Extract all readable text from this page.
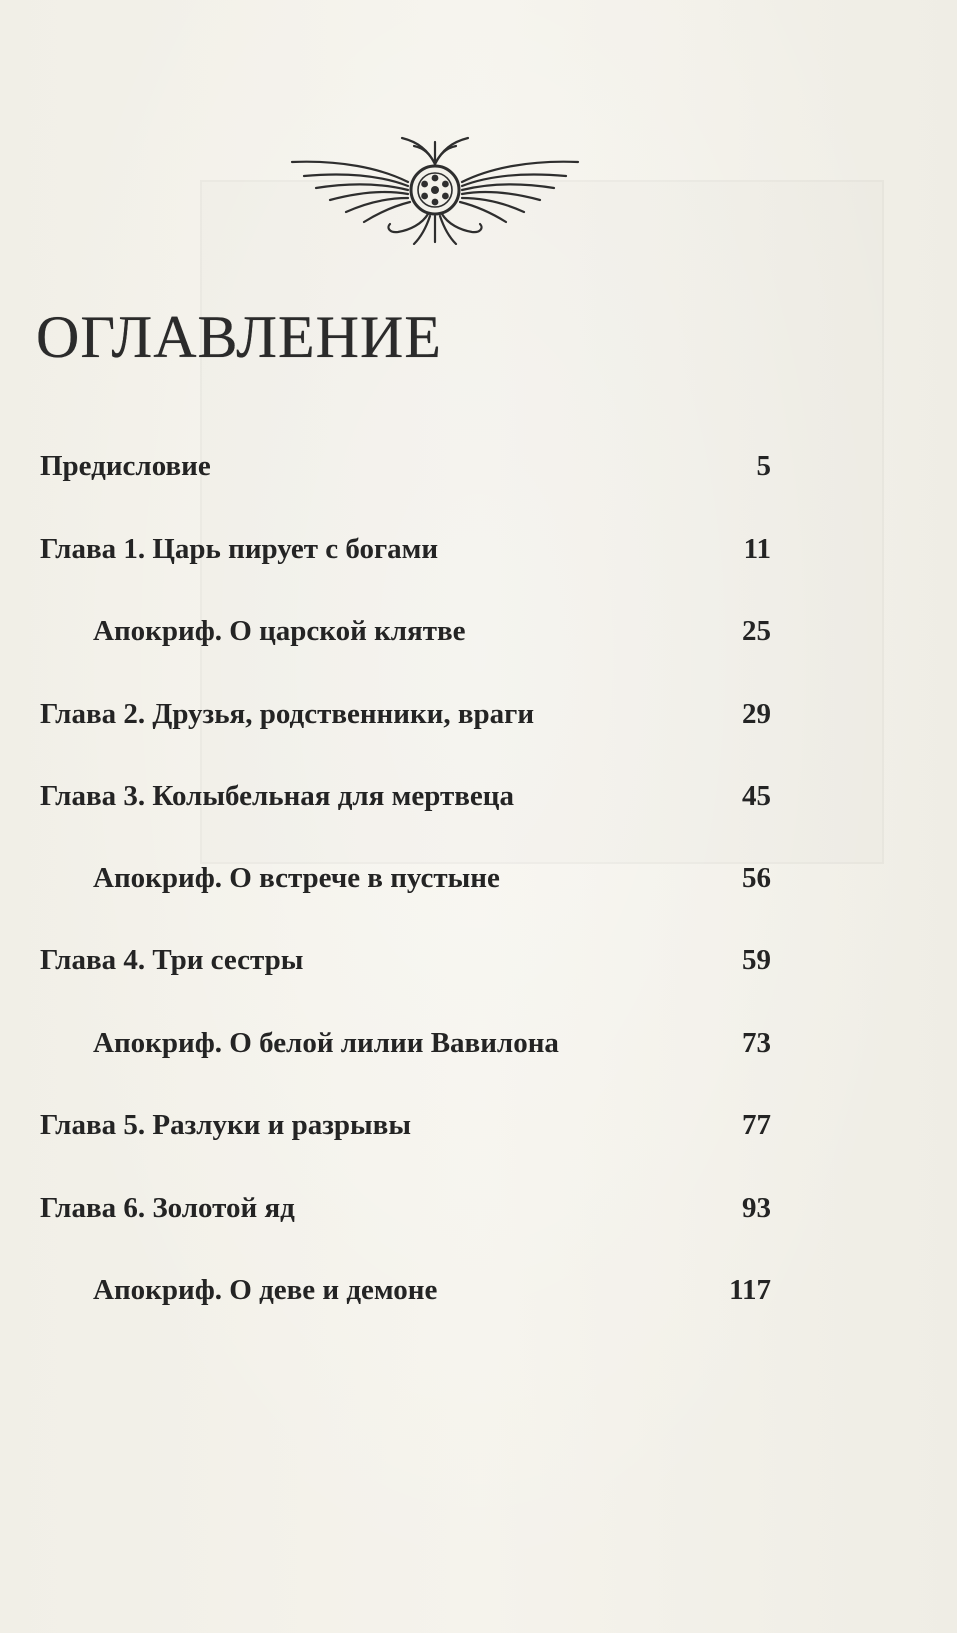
ОГЛАВЛЕНИЕ
Предисловие	5
Глава 1. Царь пирует с богами	11
Апокриф. О царской клятве	25
Глава 2. Друзья, родственники, враги	29
Глава 3. Колыбельная для мертвеца	45
Апокриф. О встрече в пустыне	56
Глава 4. Три сестры	59
Апокриф. О белой лилии Вавилона	73
Глава 5. Разлуки и разрывы	77
Глава 6. Золотой яд	93
Апокриф. О деве и демоне	117
